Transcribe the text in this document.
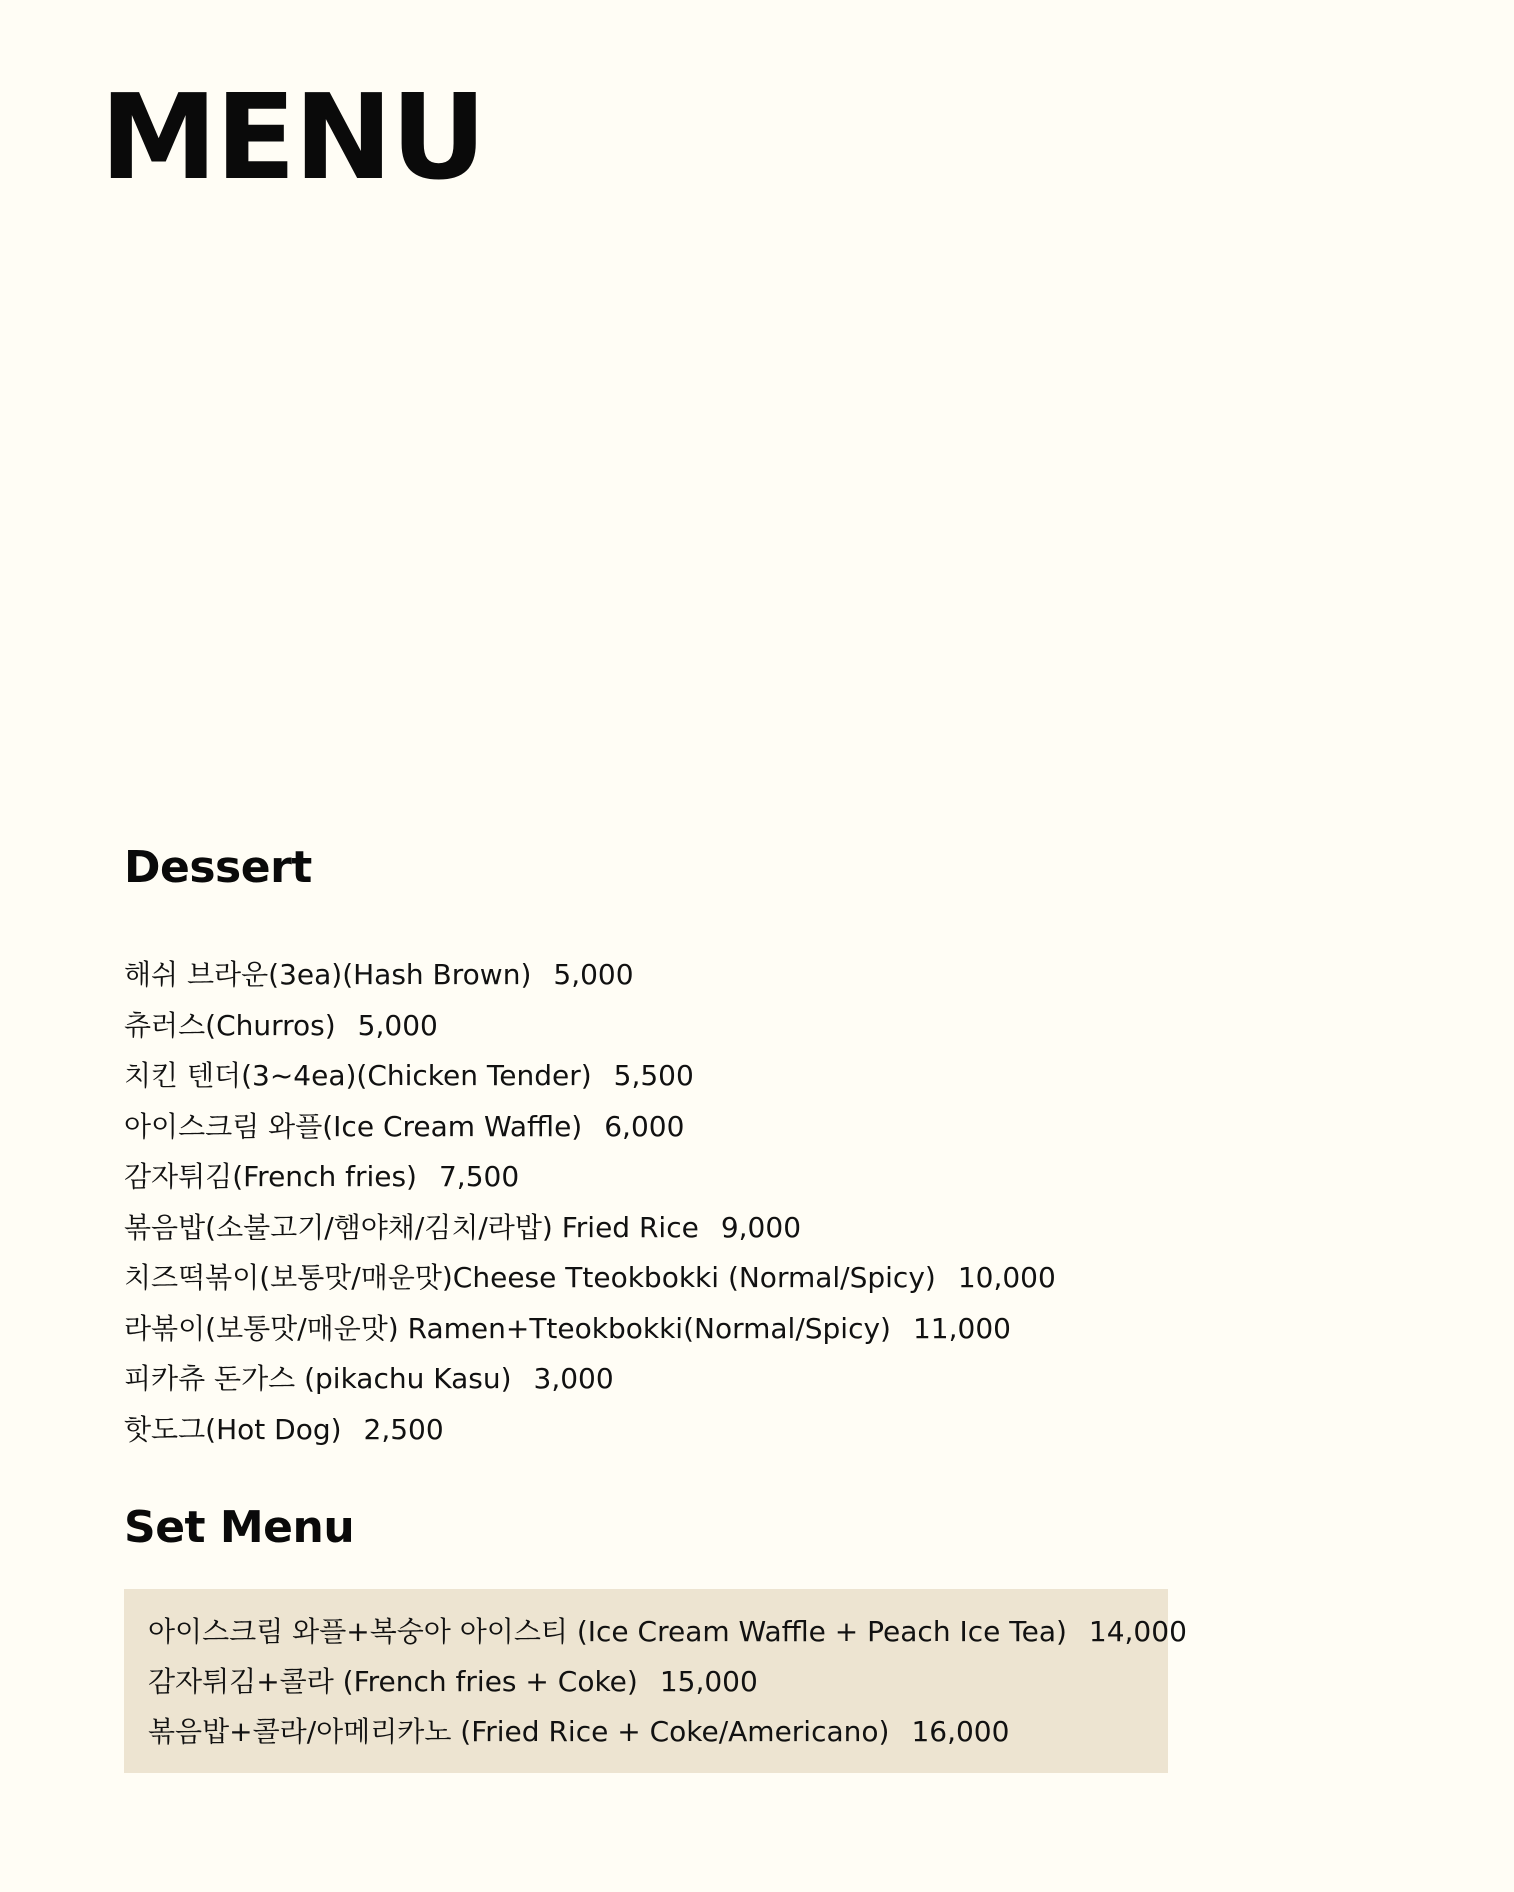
MENU
Dessert
해쉬 브라운(3ea)(Hash Brown) 5,000
츄러스(Churros) 5,000
치킨 텐더(3~4ea)(Chicken Tender) 5,500
아이스크림 와플(Ice Cream Waffle) 6,000
감자튀김(French fries) 7,500
볶음밥(소불고기/햄야채/김치/라밥) Fried Rice 9,000
치즈떡볶이(보통맛/매운맛)Cheese Tteokbokki (Normal/Spicy) 10,000
라볶이(보통맛/매운맛) Ramen+Tteokbokki(Normal/Spicy) 11,000
피카츄 돈가스 (pikachu Kasu) 3,000
핫도그(Hot Dog) 2,500
Set Menu
아이스크림 와플+복숭아 아이스티 (Ice Cream Waffle + Peach Ice Tea) 14,000
감자튀김+콜라 (French fries + Coke) 15,000
볶음밥+콜라/아메리카노 (Fried Rice + Coke/Americano) 16,000
